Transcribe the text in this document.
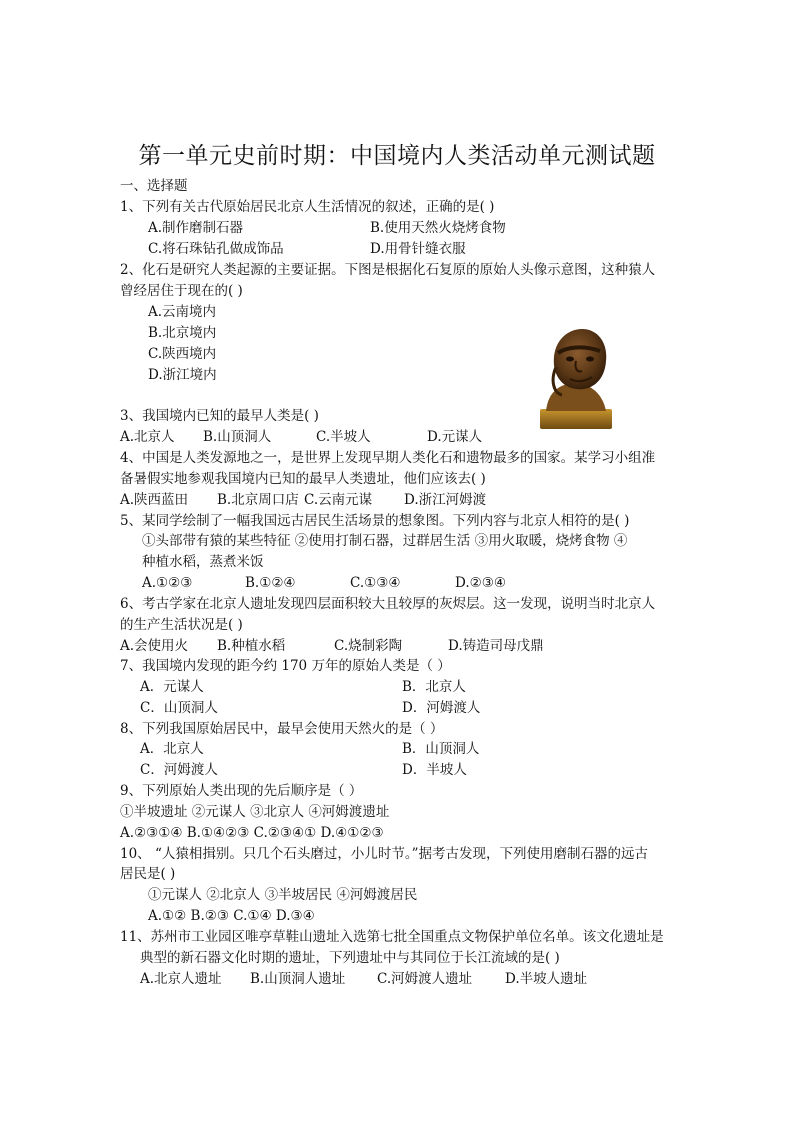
第一单元史前时期：中国境内人类活动单元测试题
一、选择题
1、下列有关古代原始居民北京人生活情况的叙述，正确的是( )
A.制作磨制石器	B.使用天然火烧烤食物
C.将石珠钻孔做成饰品	D.用骨针缝衣服
2、化石是研究人类起源的主要证据。下图是根据化石复原的原始人头像示意图，这种猿人
曾经居住于现在的( )
A.云南境内
B.北京境内
C.陕西境内
D.浙江境内
3、我国境内已知的最早人类是( )
A.北京人 B.山顶洞人	C.半坡人	D.元谋人
4、中国是人类发源地之一，是世界上发现早期人类化石和遗物最多的国家。某学习小组准
备暑假实地参观我国境内已知的最早人类遗址，他们应该去( )
A.陕西蓝田 B.北京周口店 C.云南元谋 D.浙江河姆渡
5、某同学绘制了一幅我国远古居民生活场景的想象图。下列内容与北京人相符的是( )
①头部带有猿的某些特征 ②使用打制石器，过群居生活 ③用火取暖，烧烤食物 ④
种植水稻，蒸煮米饭
A.①②③	B.①②④	C.①③④	D.②③④
6、考古学家在北京人遗址发现四层面积较大且较厚的灰烬层。这一发现，说明当时北京人
的生产生活状况是( )
A.会使用火 B.种植水稻	C.烧制彩陶	D.铸造司母戊鼎
7、我国境内发现的距今约 170 万年的原始人类是（ ）
A．元谋人	B．北京人
C．山顶洞人	D．河姆渡人
8、下列我国原始居民中，最早会使用天然火的是（ ）
A．北京人	B．山顶洞人
C．河姆渡人	D．半坡人
9、下列原始人类出现的先后顺序是（ ）
①半坡遗址 ②元谋人 ③北京人 ④河姆渡遗址
A.②③①④ B.①④②③ C.②③④① D.④①②③
10、 “人猿相揖别。只几个石头磨过，小儿时节。”据考古发现，下列使用磨制石器的远古
居民是( )
①元谋人 ②北京人 ③半坡居民 ④河姆渡居民
A.①② B.②③ C.①④ D.③④
11、苏州市工业园区唯亭草鞋山遗址入选第七批全国重点文物保护单位名单。该文化遗址是
典型的新石器文化时期的遗址，下列遗址中与其同位于长江流域的是( )
A.北京人遗址 B.山顶洞人遗址 C.河姆渡人遗址 D.半坡人遗址
